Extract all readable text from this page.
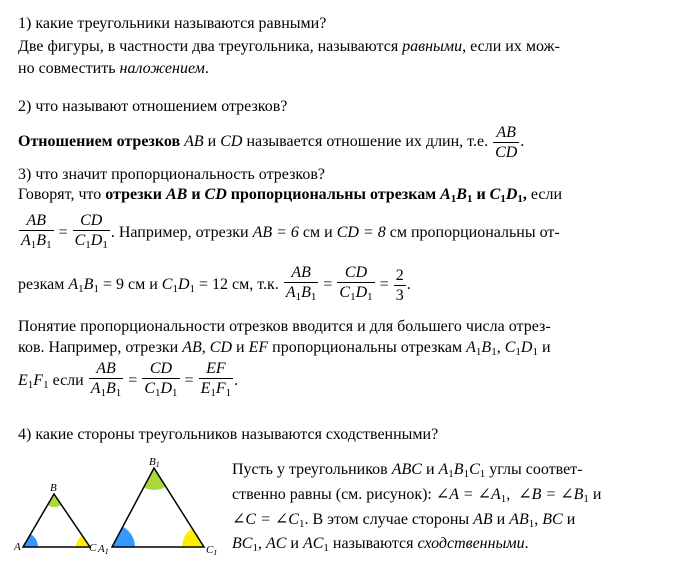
1) какие треугольники называются равными?
Две фигуры, в частности два треугольника, называются равными, если их мож-
но совместить наложением.
2) что называют отношением отрезков?
Отношением отрезков AB и CD называется отношение их длин, т.е. $\frac{AB}{CD}$ .
3) что значит пропорциональность отрезков?
Говорят, что отрезки AB и CD пропорциональны отрезкам A1B1 и C1D1, если
$\frac{AB}{A1B1} = \frac{CD}{C1D1}$ . Например, отрезки AB = 6 см и CD = 8 см пропорциональны от-
резкам A1B1 = 9 см и C1D1 = 12 см, т.к. $\frac{AB}{A1B1} = \frac{CD}{C1D1} = \frac{2}{3}$ .
Понятие пропорциональности отрезков вводится и для большего числа отрез-
ков. Например, отрезки AB, CD и EF пропорциональны отрезкам A1B1, C1D1 и
E1F1 если $\frac{AB}{A1B1} = \frac{CD}{C1D1} = \frac{EF}{E1F1}$ .
4) какие стороны треугольников называются сходственными?
Пусть у треугольников ABC и A1B1C1 углы соответ-
ственно равны (см. рисунок): ∠A = ∠A1,  ∠B = ∠B1 и
∠C = ∠C1. В этом случае стороны AB и AB1, BC и
BC1, AC и AC1 называются сходственными.
A
B
C A1
B1
C1
